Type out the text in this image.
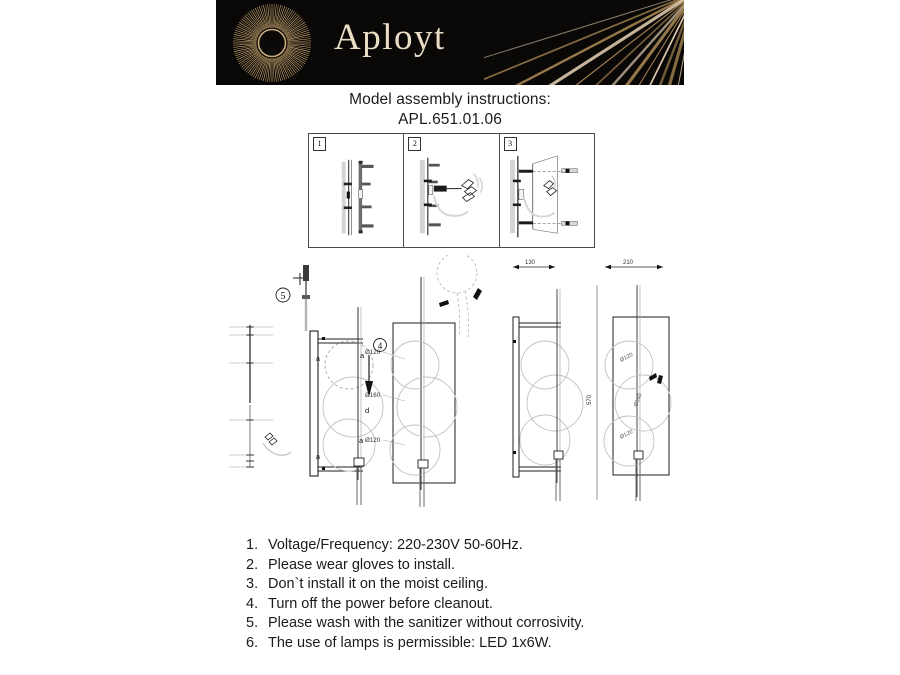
Aployt
Model assembly instructions:
APL.651.01.06
1	2	3
5
4
a
d
a
a
a
Ø120
Ø160
Ø120
130
570
210
Ø120
Ø160
Ø120
1. Voltage/Frequency: 220-230V 50-60Hz.
2. Please wear gloves to install.
3. Don`t install it on the moist ceiling.
4. Turn off the power before cleanout.
5. Please wash with the sanitizer without corrosivity.
6. The use of lamps is permissible: LED 1x6W.
